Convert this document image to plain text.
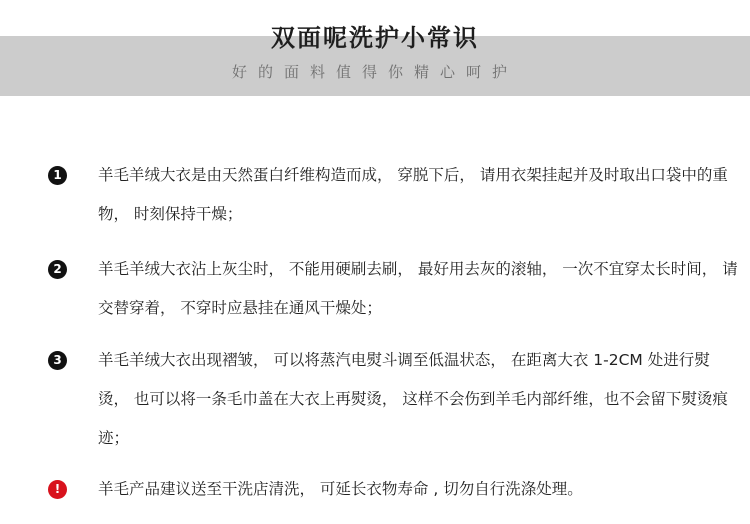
双面呢洗护小常识
好的面料值得你精心呵护
1	羊毛羊绒大衣是由天然蛋白纤维构造而成， 穿脱下后， 请用衣架挂起并及时取出口袋中的重物， 时刻保持干燥；
2	羊毛羊绒大衣沾上灰尘时， 不能用硬刷去刷， 最好用去灰的滚轴， 一次不宜穿太长时间， 请交替穿着， 不穿时应悬挂在通风干燥处；
3	羊毛羊绒大衣出现褶皱， 可以将蒸汽电熨斗调至低温状态， 在距离大衣 1-2CM 处进行熨烫， 也可以将一条毛巾盖在大衣上再熨烫， 这样不会伤到羊毛内部纤维，也不会留下熨烫痕迹；
!	羊毛产品建议送至干洗店清洗， 可延长衣物寿命 , 切勿自行洗涤处理。
